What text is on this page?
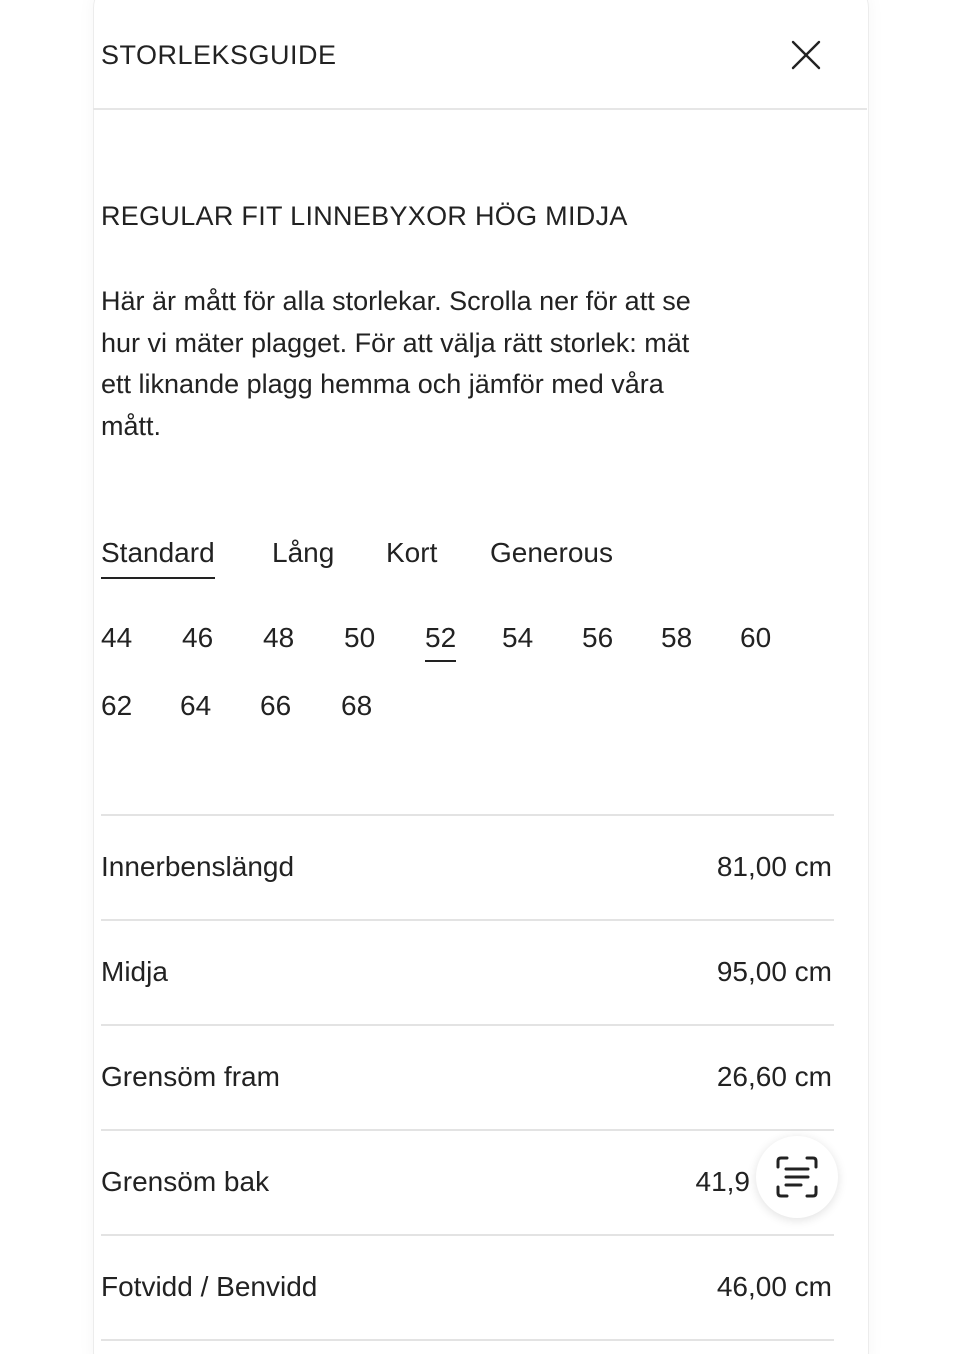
STORLEKSGUIDE
REGULAR FIT LINNEBYXOR HÖG MIDJA
Här är mått för alla storlekar. Scrolla ner för att se
hur vi mäter plagget. För att välja rätt storlek: mät
ett liknande plagg hemma och jämför med våra
mått.
Standard Lång Kort Generous
44 46 48 50 52 54 56 58 60
62 64 66 68
Innerbenslängd	81,00 cm
Midja	95,00 cm
Grensöm fram	26,60 cm
Grensöm bak	41,9
Fotvidd / Benvidd	46,00 cm
